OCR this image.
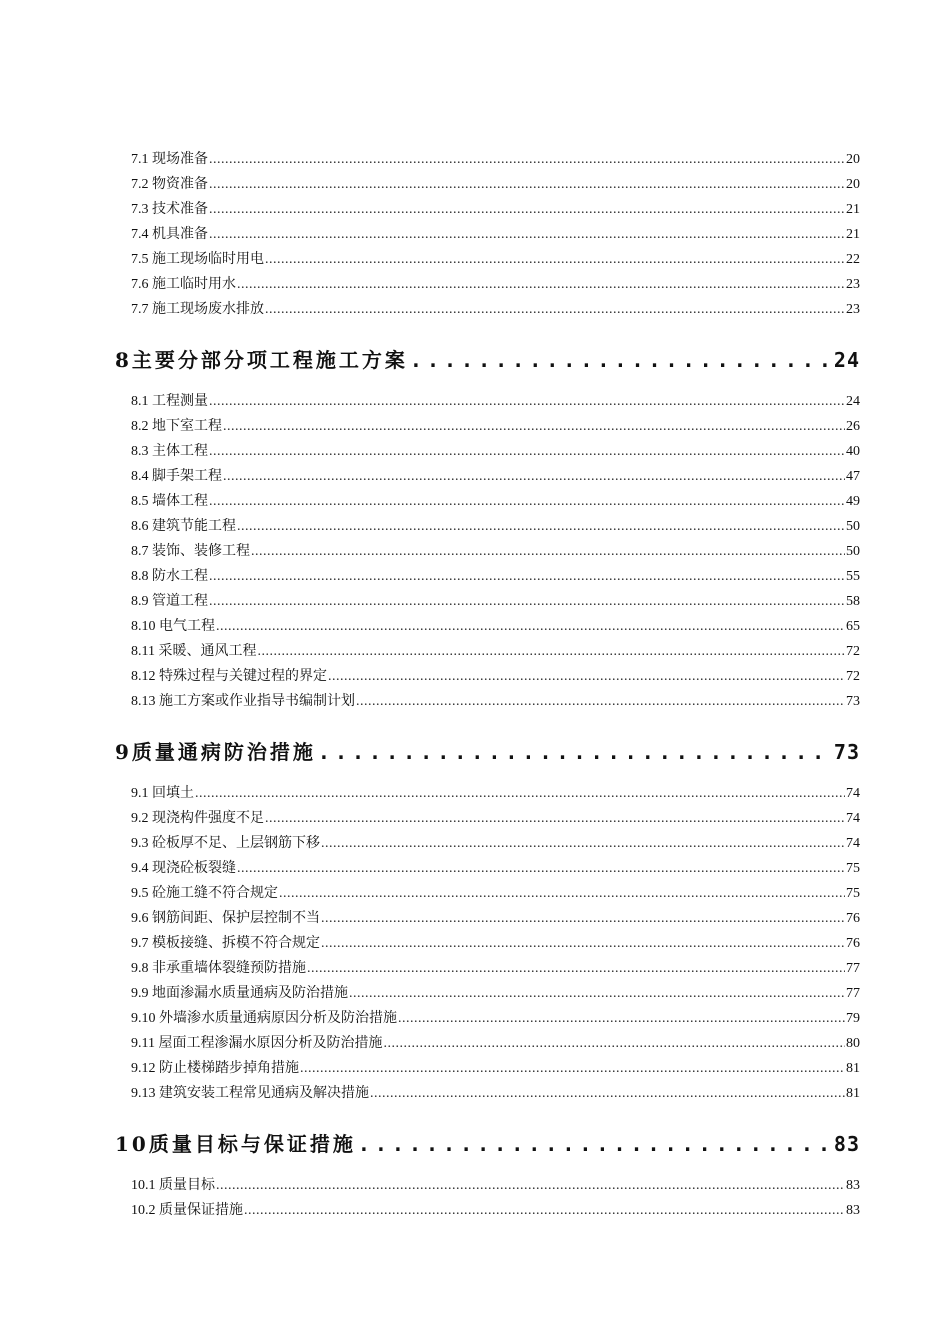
7.1 现场准备 .....	20
7.2 物资准备 .....	20
7.3 技术准备 .....	21
7.4 机具准备 .....	21
7.5 施工现场临时用电 .....	22
7.6 施工临时用水 .....	23
7.7 施工现场废水排放 .....	23
8主要分部分项工程施工方案 .....	24
8.1 工程测量 .....	24
8.2 地下室工程 .....	26
8.3 主体工程 .....	40
8.4 脚手架工程 .....	47
8.5 墙体工程 .....	49
8.6 建筑节能工程 .....	50
8.7 装饰、装修工程 .....	50
8.8 防水工程 .....	55
8.9 管道工程 .....	58
8.10 电气工程 .....	65
8.11 采暖、通风工程 .....	72
8.12 特殊过程与关键过程的界定 .....	72
8.13 施工方案或作业指导书编制计划 .....	73
9质量通病防治措施 .....	73
9.1 回填土 .....	74
9.2 现浇构件强度不足 .....	74
9.3 砼板厚不足、上层钢筋下移 .....	74
9.4 现浇砼板裂缝 .....	75
9.5 砼施工缝不符合规定 .....	75
9.6 钢筋间距、保护层控制不当 .....	76
9.7 模板接缝、拆模不符合规定 .....	76
9.8 非承重墙体裂缝预防措施 .....	77
9.9 地面渗漏水质量通病及防治措施 .....	77
9.10 外墙渗水质量通病原因分析及防治措施 .....	79
9.11 屋面工程渗漏水原因分析及防治措施 .....	80
9.12 防止楼梯踏步掉角措施 .....	81
9.13 建筑安装工程常见通病及解决措施 .....	81
10质量目标与保证措施 .....	83
10.1 质量目标 .....	83
10.2 质量保证措施 .....	83
